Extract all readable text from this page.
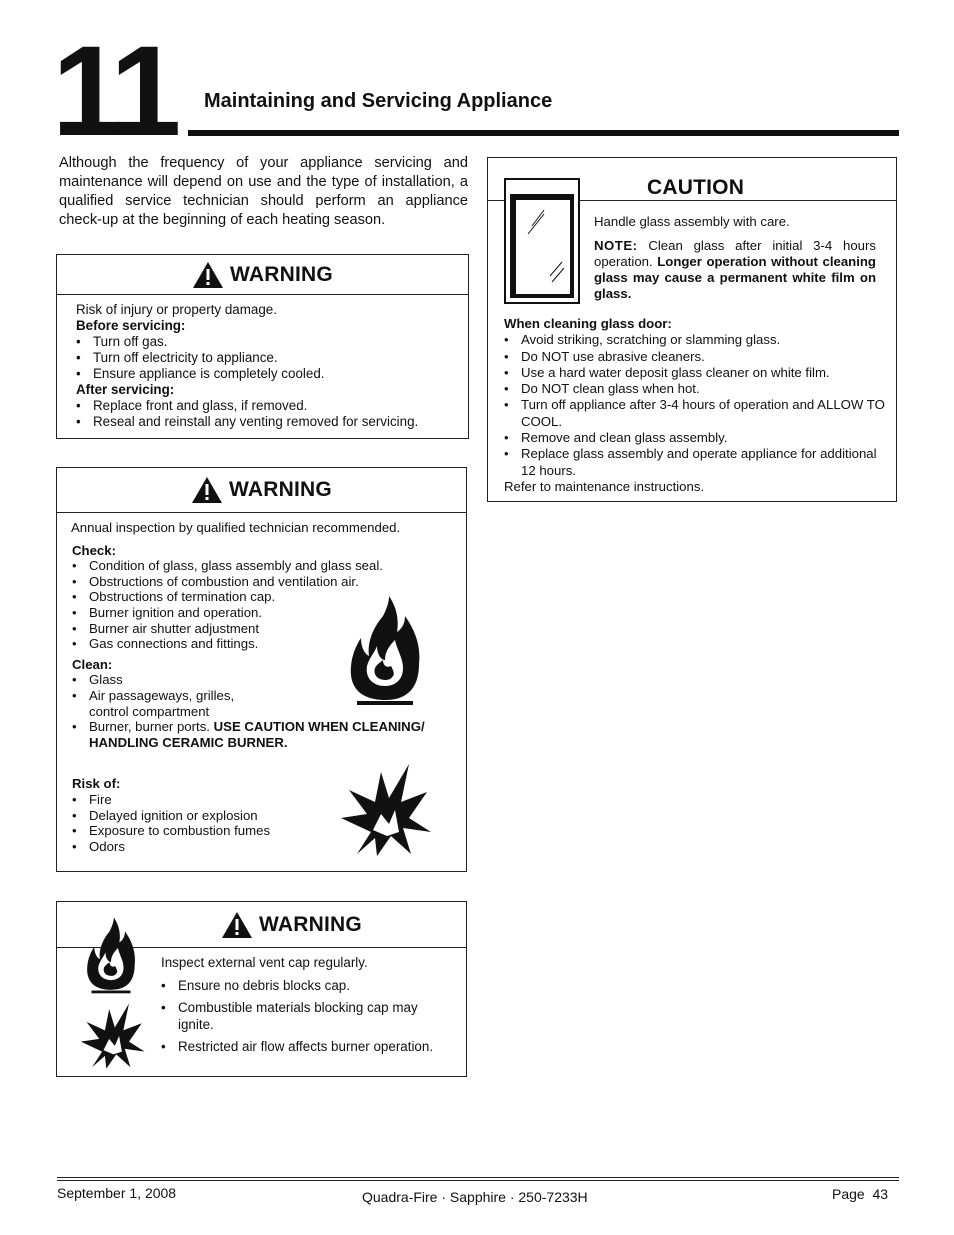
11 Maintaining and Servicing Appliance
Although the frequency of your appliance servicing and maintenance will depend on use and the type of installation, a qualified service technician should perform an appliance check-up at the beginning of each heating season.
WARNING
Risk of injury or property damage.
Before servicing:
• Turn off gas.
• Turn off electricity to appliance.
• Ensure appliance is completely cooled.
After servicing:
• Replace front and glass, if removed.
• Reseal and reinstall any venting removed for servicing.
WARNING
Annual inspection by qualified technician recommended.
Check:
• Condition of glass, glass assembly and glass seal.
• Obstructions of combustion and ventilation air.
• Obstructions of termination cap.
• Burner ignition and operation.
• Burner air shutter adjustment
• Gas connections and fittings.
Clean:
• Glass
• Air passageways, grilles,
control compartment
• Burner, burner ports. USE CAUTION WHEN CLEANING/ HANDLING CERAMIC BURNER.
Risk of:
• Fire
• Delayed ignition or explosion
• Exposure to combustion fumes
• Odors
WARNING
Inspect external vent cap regularly.
• Ensure no debris blocks cap.
• Combustible materials blocking cap may ignite.
• Restricted air flow affects burner operation.
CAUTION
Handle glass assembly with care.
NOTE: Clean glass after initial 3-4 hours operation. Longer operation without cleaning glass may cause a permanent white film on glass.
When cleaning glass door:
• Avoid striking, scratching or slamming glass.
• Do NOT use abrasive cleaners.
• Use a hard water deposit glass cleaner on white film.
• Do NOT clean glass when hot.
• Turn off appliance after 3-4 hours of operation and ALLOW TO COOL.
• Remove and clean glass assembly.
• Replace glass assembly and operate appliance for additional 12 hours.
Refer to maintenance instructions.
September 1, 2008	Quadra-Fire · Sapphire · 250-7233H	Page  43
